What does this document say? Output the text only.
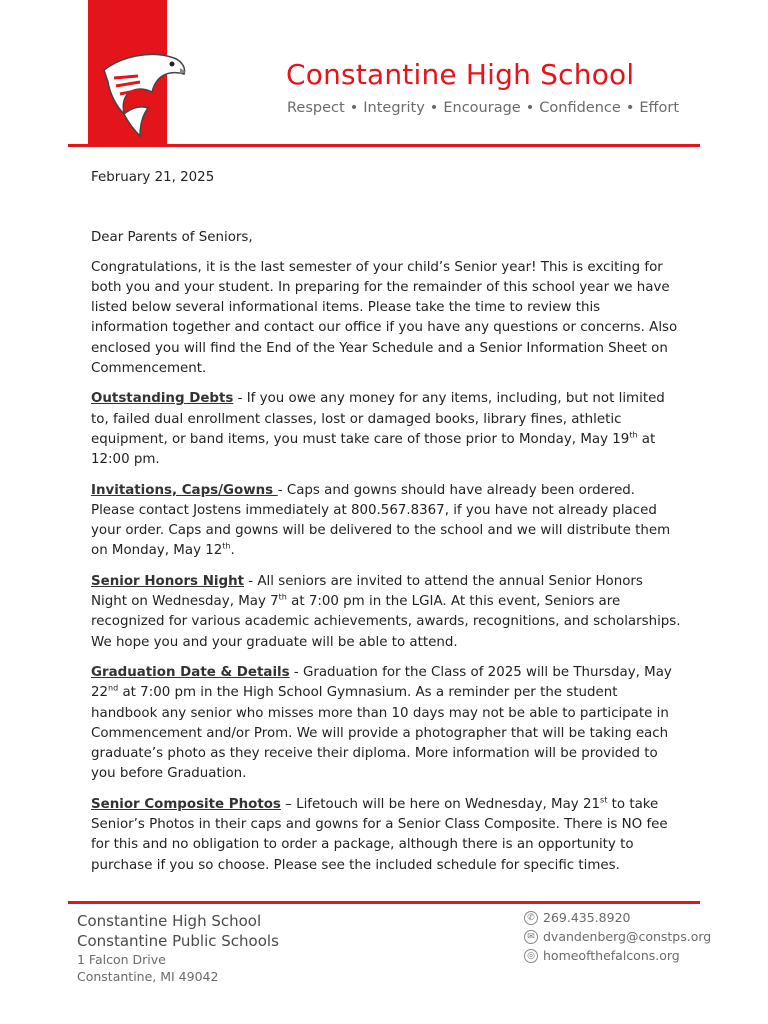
Constantine High School
Respect • Integrity • Encourage • Confidence • Effort

February 21, 2025

Dear Parents of Seniors,

Congratulations, it is the last semester of your child’s Senior year! This is exciting for both you and your student. In preparing for the remainder of this school year we have listed below several informational items. Please take the time to review this information together and contact our office if you have any questions or concerns. Also enclosed you will find the End of the Year Schedule and a Senior Information Sheet on Commencement.

Outstanding Debts - If you owe any money for any items, including, but not limited to, failed dual enrollment classes, lost or damaged books, library fines, athletic equipment, or band items, you must take care of those prior to Monday, May 19th at 12:00 pm.

Invitations, Caps/Gowns - Caps and gowns should have already been ordered. Please contact Jostens immediately at 800.567.8367, if you have not already placed your order. Caps and gowns will be delivered to the school and we will distribute them on Monday, May 12th.

Senior Honors Night - All seniors are invited to attend the annual Senior Honors Night on Wednesday, May 7th at 7:00 pm in the LGIA. At this event, Seniors are recognized for various academic achievements, awards, recognitions, and scholarships. We hope you and your graduate will be able to attend.

Graduation Date & Details - Graduation for the Class of 2025 will be Thursday, May 22nd at 7:00 pm in the High School Gymnasium. As a reminder per the student handbook any senior who misses more than 10 days may not be able to participate in Commencement and/or Prom. We will provide a photographer that will be taking each graduate’s photo as they receive their diploma. More information will be provided to you before Graduation.

Senior Composite Photos – Lifetouch will be here on Wednesday, May 21st to take Senior’s Photos in their caps and gowns for a Senior Class Composite. There is NO fee for this and no obligation to order a package, although there is an opportunity to purchase if you so choose. Please see the included schedule for specific times.

Constantine High School
Constantine Public Schools
1 Falcon Drive
Constantine, MI 49042
✆ 269.435.8920
✉ dvandenberg@constps.org
◎ homeofthefalcons.org
